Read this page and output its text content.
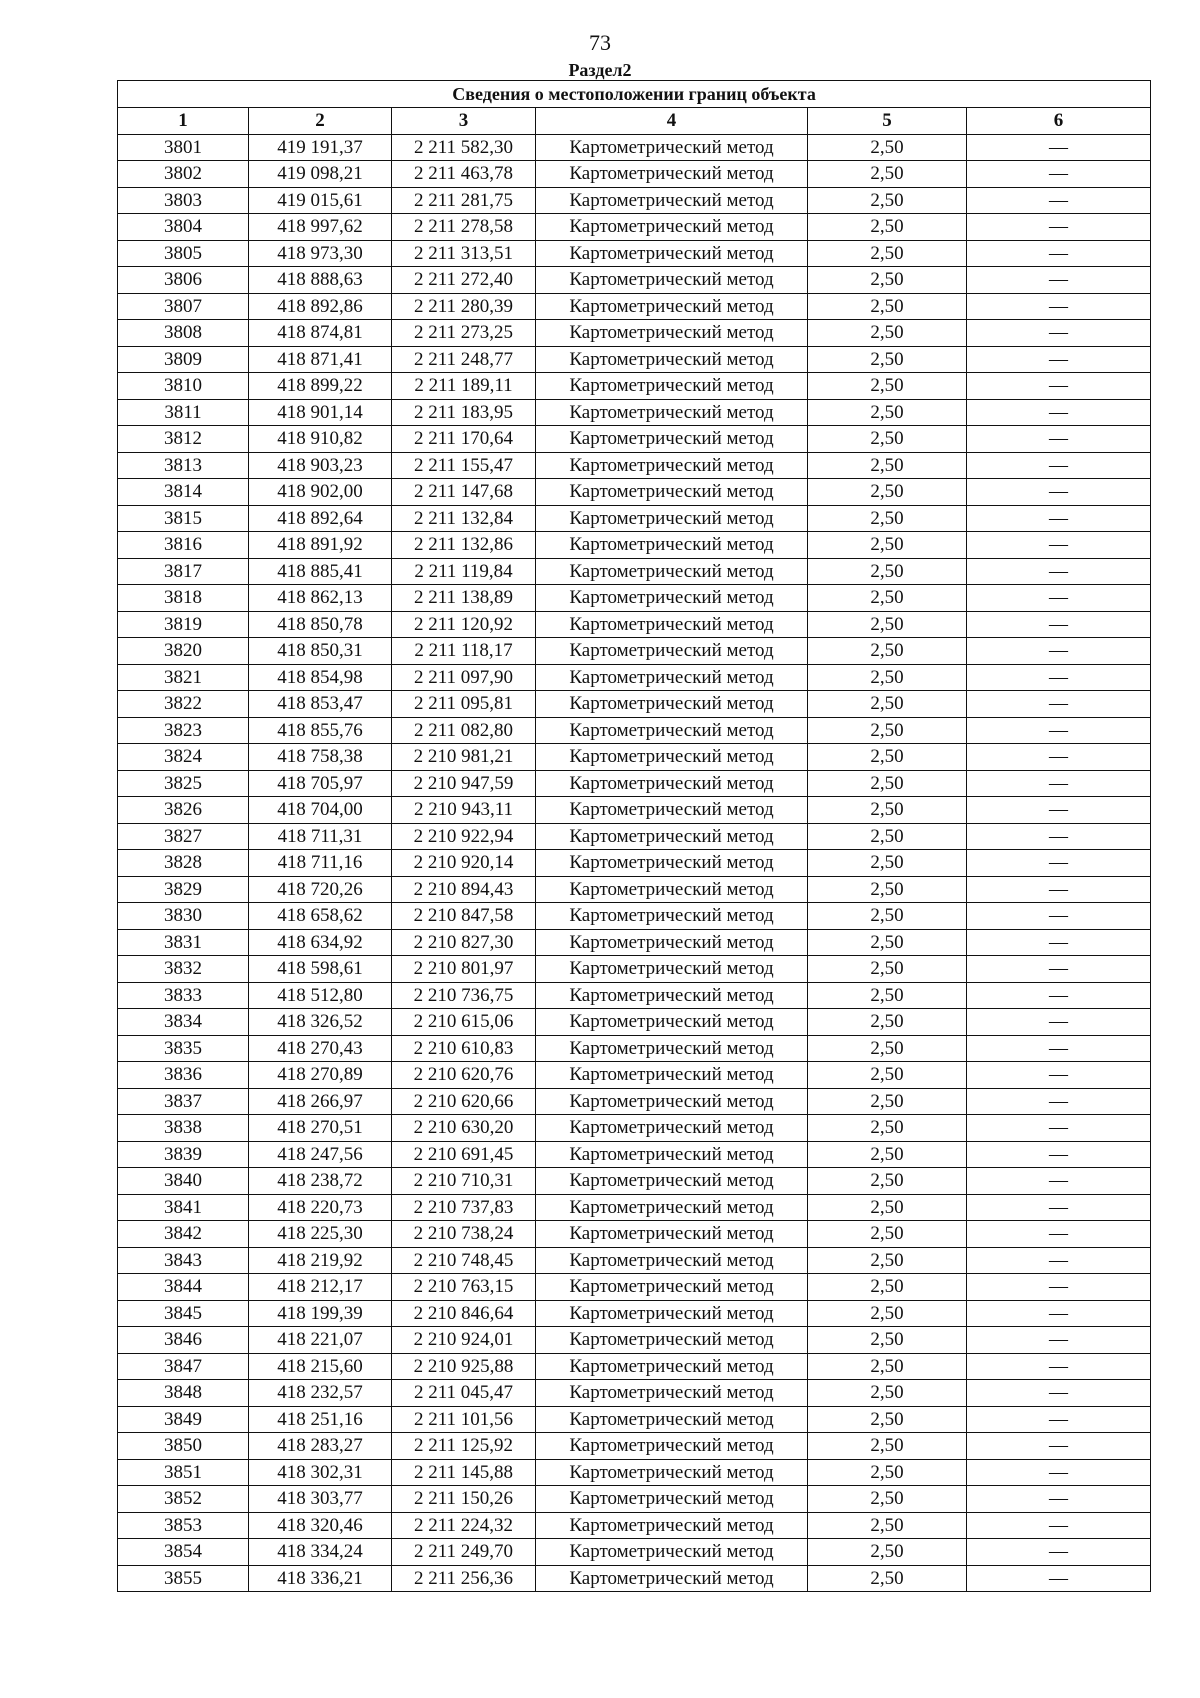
73
Раздел2
Сведения о местоположении границ объекта					
1	2	3	4	5	6
3801	419 191,37	2 211 582,30	Картометрический метод	2,50	—
3802	419 098,21	2 211 463,78	Картометрический метод	2,50	—
3803	419 015,61	2 211 281,75	Картометрический метод	2,50	—
3804	418 997,62	2 211 278,58	Картометрический метод	2,50	—
3805	418 973,30	2 211 313,51	Картометрический метод	2,50	—
3806	418 888,63	2 211 272,40	Картометрический метод	2,50	—
3807	418 892,86	2 211 280,39	Картометрический метод	2,50	—
3808	418 874,81	2 211 273,25	Картометрический метод	2,50	—
3809	418 871,41	2 211 248,77	Картометрический метод	2,50	—
3810	418 899,22	2 211 189,11	Картометрический метод	2,50	—
3811	418 901,14	2 211 183,95	Картометрический метод	2,50	—
3812	418 910,82	2 211 170,64	Картометрический метод	2,50	—
3813	418 903,23	2 211 155,47	Картометрический метод	2,50	—
3814	418 902,00	2 211 147,68	Картометрический метод	2,50	—
3815	418 892,64	2 211 132,84	Картометрический метод	2,50	—
3816	418 891,92	2 211 132,86	Картометрический метод	2,50	—
3817	418 885,41	2 211 119,84	Картометрический метод	2,50	—
3818	418 862,13	2 211 138,89	Картометрический метод	2,50	—
3819	418 850,78	2 211 120,92	Картометрический метод	2,50	—
3820	418 850,31	2 211 118,17	Картометрический метод	2,50	—
3821	418 854,98	2 211 097,90	Картометрический метод	2,50	—
3822	418 853,47	2 211 095,81	Картометрический метод	2,50	—
3823	418 855,76	2 211 082,80	Картометрический метод	2,50	—
3824	418 758,38	2 210 981,21	Картометрический метод	2,50	—
3825	418 705,97	2 210 947,59	Картометрический метод	2,50	—
3826	418 704,00	2 210 943,11	Картометрический метод	2,50	—
3827	418 711,31	2 210 922,94	Картометрический метод	2,50	—
3828	418 711,16	2 210 920,14	Картометрический метод	2,50	—
3829	418 720,26	2 210 894,43	Картометрический метод	2,50	—
3830	418 658,62	2 210 847,58	Картометрический метод	2,50	—
3831	418 634,92	2 210 827,30	Картометрический метод	2,50	—
3832	418 598,61	2 210 801,97	Картометрический метод	2,50	—
3833	418 512,80	2 210 736,75	Картометрический метод	2,50	—
3834	418 326,52	2 210 615,06	Картометрический метод	2,50	—
3835	418 270,43	2 210 610,83	Картометрический метод	2,50	—
3836	418 270,89	2 210 620,76	Картометрический метод	2,50	—
3837	418 266,97	2 210 620,66	Картометрический метод	2,50	—
3838	418 270,51	2 210 630,20	Картометрический метод	2,50	—
3839	418 247,56	2 210 691,45	Картометрический метод	2,50	—
3840	418 238,72	2 210 710,31	Картометрический метод	2,50	—
3841	418 220,73	2 210 737,83	Картометрический метод	2,50	—
3842	418 225,30	2 210 738,24	Картометрический метод	2,50	—
3843	418 219,92	2 210 748,45	Картометрический метод	2,50	—
3844	418 212,17	2 210 763,15	Картометрический метод	2,50	—
3845	418 199,39	2 210 846,64	Картометрический метод	2,50	—
3846	418 221,07	2 210 924,01	Картометрический метод	2,50	—
3847	418 215,60	2 210 925,88	Картометрический метод	2,50	—
3848	418 232,57	2 211 045,47	Картометрический метод	2,50	—
3849	418 251,16	2 211 101,56	Картометрический метод	2,50	—
3850	418 283,27	2 211 125,92	Картометрический метод	2,50	—
3851	418 302,31	2 211 145,88	Картометрический метод	2,50	—
3852	418 303,77	2 211 150,26	Картометрический метод	2,50	—
3853	418 320,46	2 211 224,32	Картометрический метод	2,50	—
3854	418 334,24	2 211 249,70	Картометрический метод	2,50	—
3855	418 336,21	2 211 256,36	Картометрический метод	2,50	—
